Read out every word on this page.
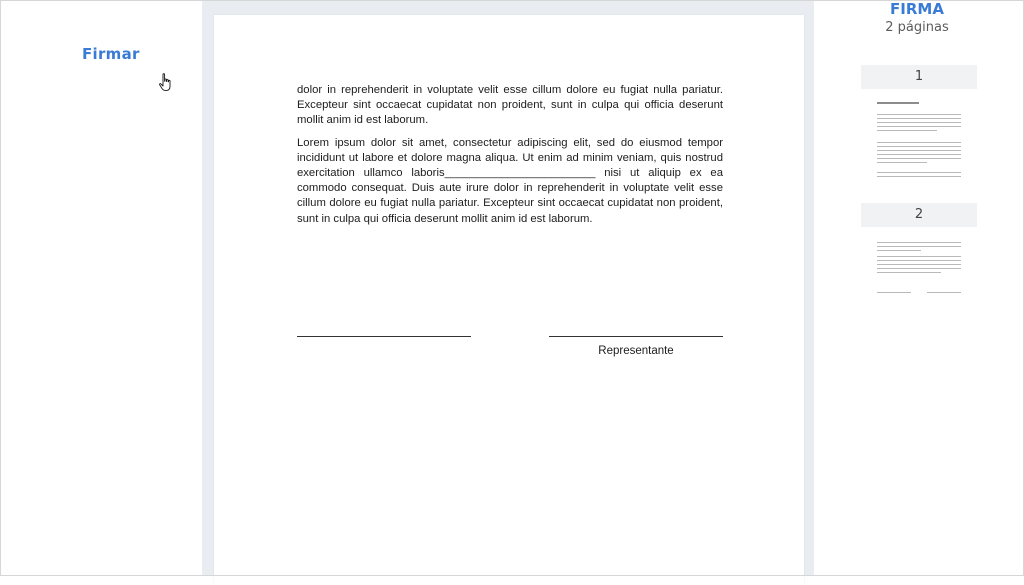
Firmar

dolor in reprehenderit in voluptate velit esse cillum dolore eu fugiat nulla pariatur. Excepteur sint occaecat cupidatat non proident, sunt in culpa qui officia deserunt mollit anim id est laborum.

Lorem ipsum dolor sit amet, consectetur adipiscing elit, sed do eiusmod tempor incididunt ut labore et dolore magna aliqua. Ut enim ad minim veniam, quis nostrud exercitation ullamco laboris________________________ nisi ut aliquip ex ea commodo consequat. Duis aute irure dolor in reprehenderit in voluptate velit esse cillum dolore eu fugiat nulla pariatur. Excepteur sint occaecat cupidatat non proident, sunt in culpa qui officia deserunt mollit anim id est laborum.

Representante
FIRMA
2 páginas
1
2
